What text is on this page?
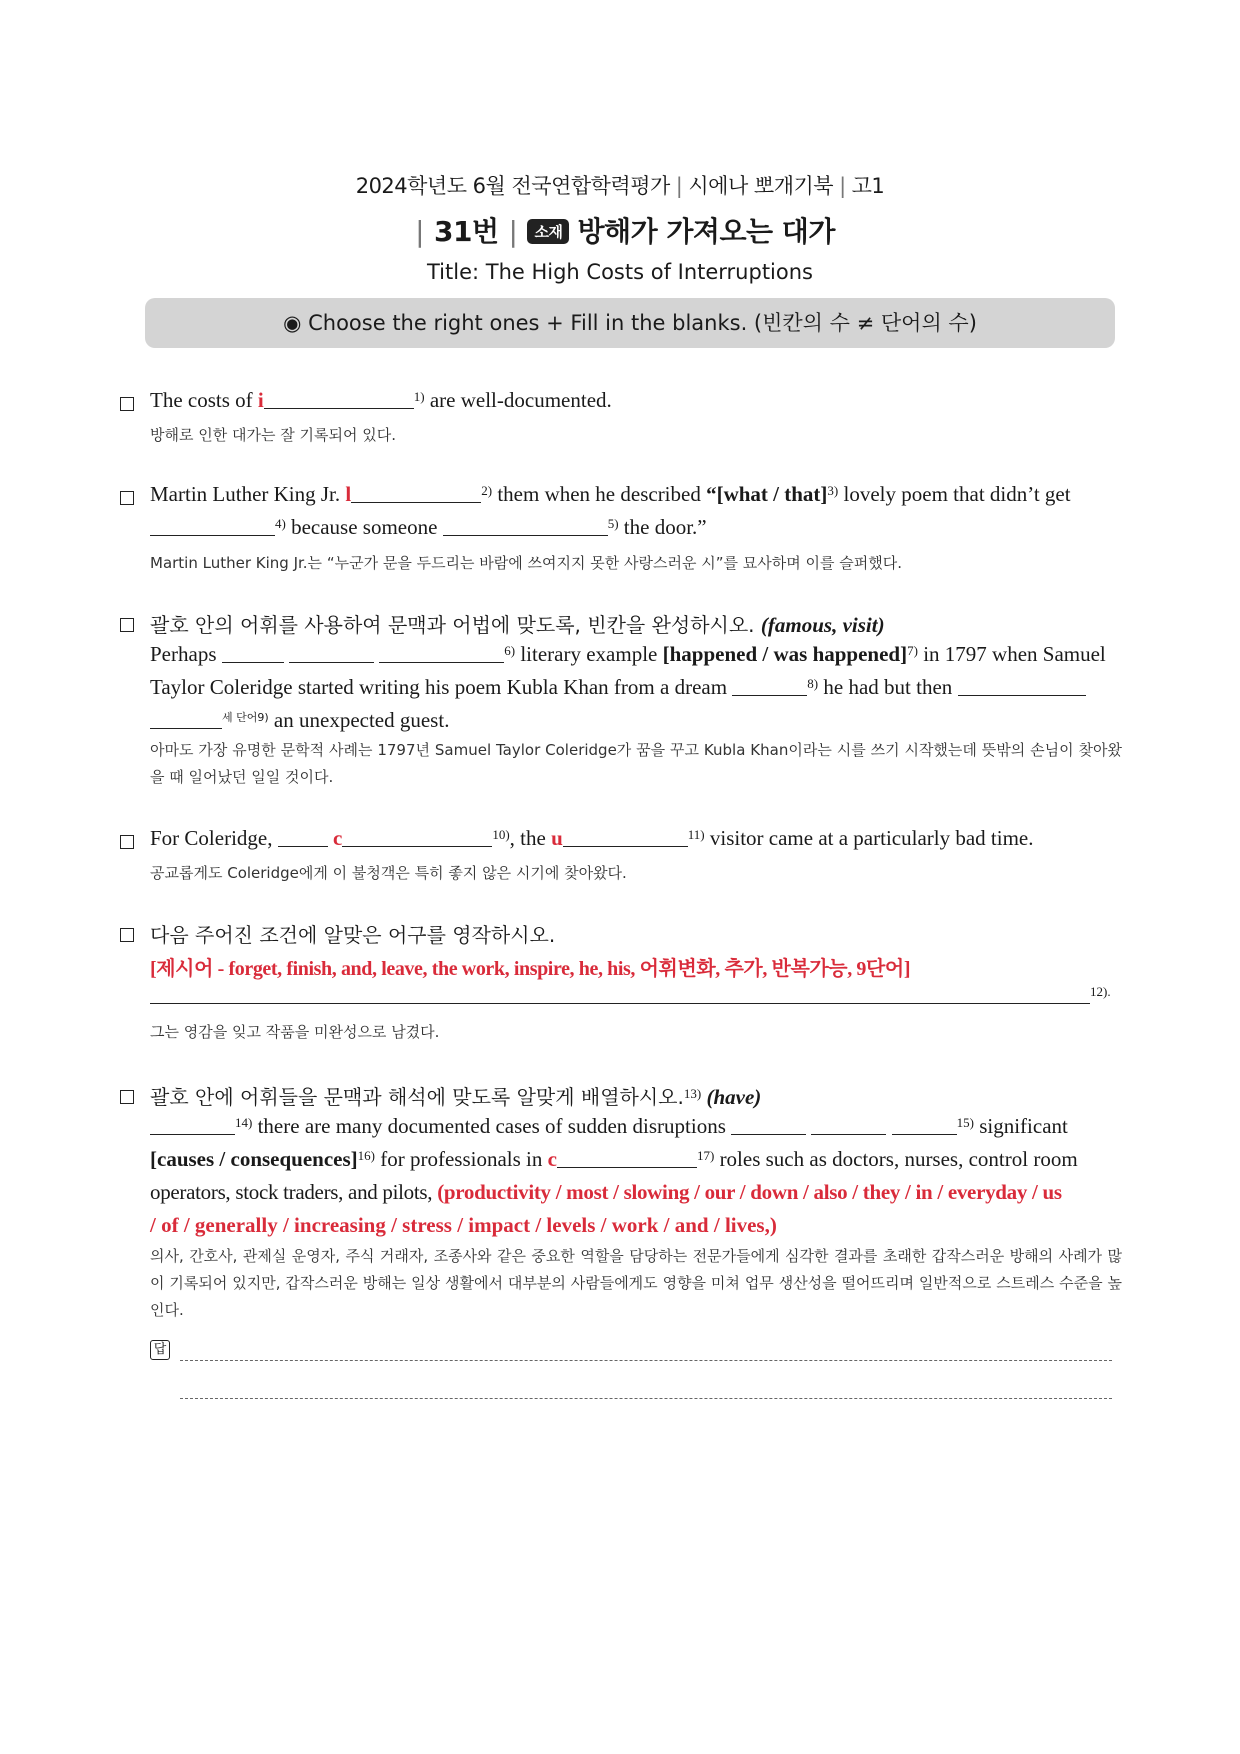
2024학년도 6월 전국연합학력평가 | 시에나 뽀개기북 | 고1
| 31번 | 소재 방해가 가져오는 대가
Title: The High Costs of Interruptions
◉ Choose the right ones + Fill in the blanks. (빈칸의 수 ≠ 단어의 수)
The costs of i	$^{1)}$ are well-documented.
방해로 인한 대가는 잘 기록되어 있다.
Martin Luther King Jr. l	$^{2)}$ them when he described “[what / that]$^{3)}$ lovely poem that didn’t get
$^{4)}$ because someone	$^{5)}$ the door.”
Martin Luther King Jr.는 “누군가 문을 두드리는 바람에 쓰여지지 못한 사랑스러운 시”를 묘사하며 이를 슬퍼했다.
괄호 안의 어휘를 사용하여 문맥과 어법에 맞도록, 빈칸을 완성하시오. (famous, visit)
Perhaps	$^{6)}$ literary example [happened / was happened]$^{7)}$ in 1797 when Samuel
Taylor Coleridge started writing his poem Kubla Khan from a dream	$^{8)}$ he had but then
$^{세 단어9)}$ an unexpected guest.
아마도 가장 유명한 문학적 사례는 1797년 Samuel Taylor Coleridge가 꿈을 꾸고 Kubla Khan이라는 시를 쓰기 시작했는데 뜻밖의 손님이 찾아왔을 때 일어났던 일일 것이다.
For Coleridge,	c	$^{10)}$, the u	$^{11)}$ visitor came at a particularly bad time.
공교롭게도 Coleridge에게 이 불청객은 특히 좋지 않은 시기에 찾아왔다.
다음 주어진 조건에 알맞은 어구를 영작하시오.
[제시어 - forget, finish, and, leave, the work, inspire, he, his, 어휘변화, 추가, 반복가능, 9단어]
$^{12).}$
그는 영감을 잊고 작품을 미완성으로 남겼다.
괄호 안에 어휘들을 문맥과 해석에 맞도록 알맞게 배열하시오.$^{13)}$ (have)
$^{14)}$ there are many documented cases of sudden disruptions	$^{15)}$ significant
[causes / consequences]$^{16)}$ for professionals in c	$^{17)}$ roles such as doctors, nurses, control room
operators, stock traders, and pilots, (productivity / most / slowing / our / down / also / they / in / everyday / us
/ of / generally / increasing / stress / impact / levels / work / and / lives,)
의사, 간호사, 관제실 운영자, 주식 거래자, 조종사와 같은 중요한 역할을 담당하는 전문가들에게 심각한 결과를 초래한 갑작스러운 방해의 사례가 많이 기록되어 있지만, 갑작스러운 방해는 일상 생활에서 대부분의 사람들에게도 영향을 미쳐 업무 생산성을 떨어뜨리며 일반적으로 스트레스 수준을 높인다.
답
